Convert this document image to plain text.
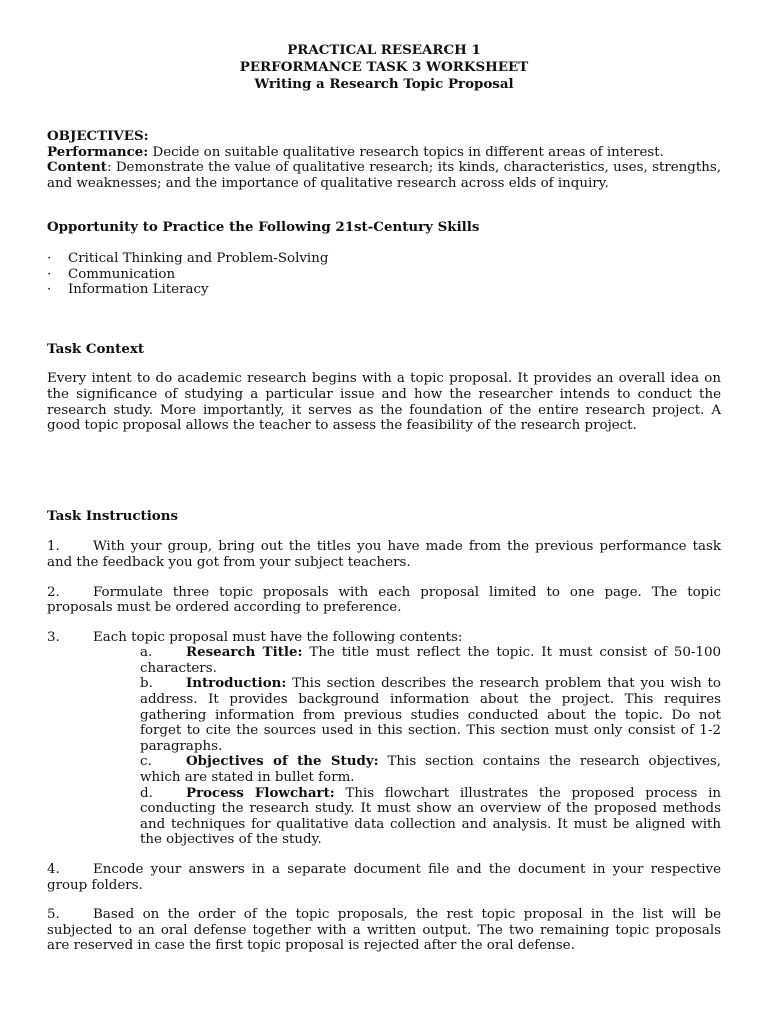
PRACTICAL RESEARCH 1
PERFORMANCE TASK 3 WORKSHEET
Writing a Research Topic Proposal
OBJECTIVES:
Performance: Decide on suitable qualitative research topics in different areas of interest.
Content: Demonstrate the value of qualitative research; its kinds, characteristics, uses, strengths, and weaknesses; and the importance of qualitative research across elds of inquiry.
Opportunity to Practice the Following 21st-Century Skills
·	Critical Thinking and Problem-Solving
·	Communication
·	Information Literacy
Task Context
Every intent to do academic research begins with a topic proposal. It provides an overall idea on the significance of studying a particular issue and how the researcher intends to conduct the research study. More importantly, it serves as the foundation of the entire research project. A good topic proposal allows the teacher to assess the feasibility of the research project.
Task Instructions
1. With your group, bring out the titles you have made from the previous performance task and the feedback you got from your subject teachers.
2. Formulate three topic proposals with each proposal limited to one page. The topic proposals must be ordered according to preference.
3. Each topic proposal must have the following contents:
a.	Research Title: The title must reflect the topic. It must consist of 50-100 characters.
b. Introduction: This section describes the research problem that you wish to address. It provides background information about the project. This requires gathering information from previous studies conducted about the topic. Do not forget to cite the sources used in this section. This section must only consist of 1-2 paragraphs.
c.	Objectives of the Study: This section contains the research objectives, which are stated in bullet form.
d. Process Flowchart: This flowchart illustrates the proposed process in conducting the research study. It must show an overview of the proposed methods and techniques for qualitative data collection and analysis. It must be aligned with the objectives of the study.
4. Encode your answers in a separate document file and the document in your respective group folders.
5. Based on the order of the topic proposals, the rest topic proposal in the list will be subjected to an oral defense together with a written output. The two remaining topic proposals are reserved in case the first topic proposal is rejected after the oral defense.
